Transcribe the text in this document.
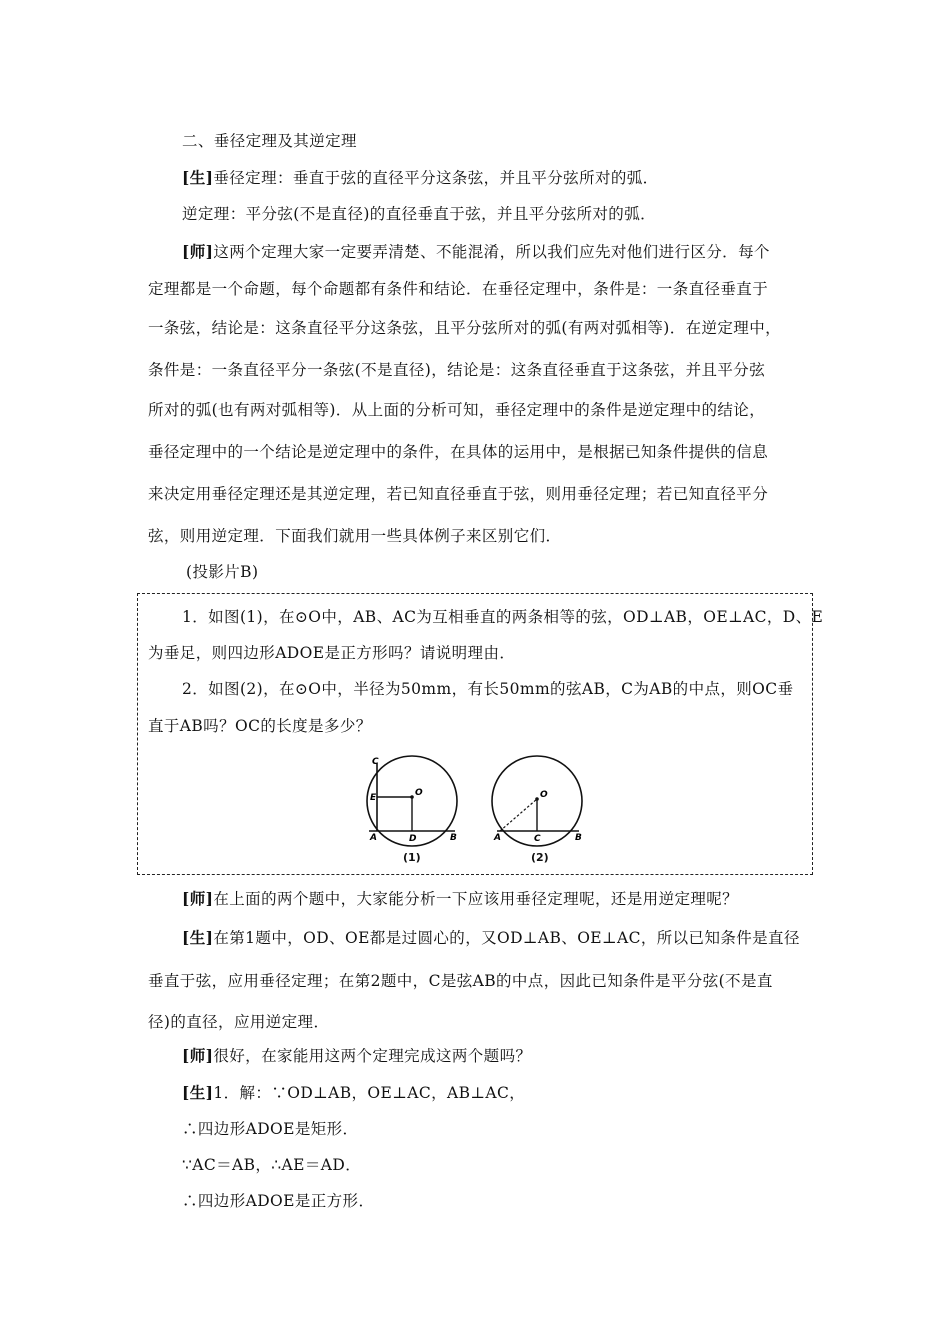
二、垂径定理及其逆定理
[生]垂径定理：垂直于弦的直径平分这条弦，并且平分弦所对的弧．
逆定理：平分弦(不是直径)的直径垂直于弦，并且平分弦所对的弧．
[师]这两个定理大家一定要弄清楚、不能混淆，所以我们应先对他们进行区分．每个
定理都是一个命题，每个命题都有条件和结论．在垂径定理中，条件是：一条直径垂直于
一条弦，结论是：这条直径平分这条弦，且平分弦所对的弧(有两对弧相等)．在逆定理中，
条件是：一条直径平分一条弦(不是直径)，结论是：这条直径垂直于这条弦，并且平分弦
所对的弧(也有两对弧相等)．从上面的分析可知，垂径定理中的条件是逆定理中的结论，
垂径定理中的一个结论是逆定理中的条件，在具体的运用中，是根据已知条件提供的信息
来决定用垂径定理还是其逆定理，若已知直径垂直于弦，则用垂径定理；若已知直径平分
弦，则用逆定理．下面我们就用一些具体例子来区别它们．
(投影片B)
1．如图(1)，在⊙O中，AB、AC为互相垂直的两条相等的弦，OD⊥AB，OE⊥AC，D、E
为垂足，则四边形ADOE是正方形吗？请说明理由．
2．如图(2)，在⊙O中，半径为50mm，有长50mm的弦AB，C为AB的中点，则OC垂
直于AB吗？OC的长度是多少？
C
E	O
A	D	B
(1)
O
A	C	B
(2)
[师]在上面的两个题中，大家能分析一下应该用垂径定理呢，还是用逆定理呢？
[生]在第1题中，OD、OE都是过圆心的，又OD⊥AB、OE⊥AC，所以已知条件是直径
垂直于弦，应用垂径定理；在第2题中，C是弦AB的中点，因此已知条件是平分弦(不是直
径)的直径，应用逆定理．
[师]很好，在家能用这两个定理完成这两个题吗？
[生]1．解：∵OD⊥AB，OE⊥AC，AB⊥AC，
∴四边形ADOE是矩形．
∵AC＝AB，∴AE＝AD．
∴四边形ADOE是正方形．
